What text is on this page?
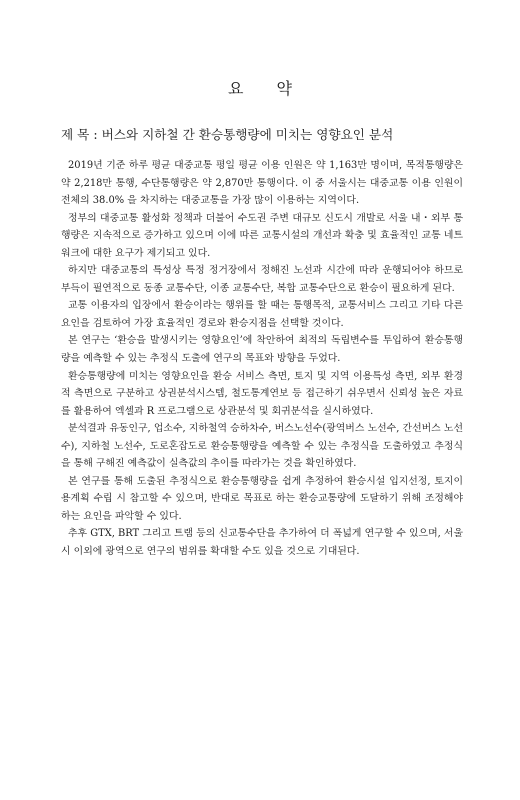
요 약
제 목 : 버스와 지하철 간 환승통행량에 미치는 영향요인 분석

2019년 기준 하루 평균 대중교통 평일 평균 이용 인원은 약 1,163만 명이며, 목적통행량은 약 2,218만 통행, 수단통행량은 약 2,870만 통행이다. 이 중 서울시는 대중교통 이용 인원이 전체의 38.0% 을 차지하는 대중교통을 가장 많이 이용하는 지역이다.

정부의 대중교통 활성화 정책과 더불어 수도권 주변 대규모 신도시 개발로 서울 내・외부 통행량은 지속적으로 증가하고 있으며 이에 따른 교통시설의 개선과 확충 및 효율적인 교통 네트워크에 대한 요구가 제기되고 있다.

하지만 대중교통의 특성상 특정 정거장에서 정해진 노선과 시간에 따라 운행되어야 하므로 부득이 필연적으로 동종 교통수단, 이종 교통수단, 복합 교통수단으로 환승이 필요하게 된다.

교통 이용자의 입장에서 환승이라는 행위를 할 때는 통행목적, 교통서비스 그리고 기타 다른 요인을 검토하여 가장 효율적인 경로와 환승지점을 선택할 것이다.

본 연구는 ‘환승을 발생시키는 영향요인’에 착안하여 최적의 독립변수를 투입하여 환승통행량을 예측할 수 있는 추정식 도출에 연구의 목표와 방향을 두었다.

환승통행량에 미치는 영향요인을 환승 서비스 측면, 토지 및 지역 이용특성 측면, 외부 환경적 측면으로 구분하고 상권분석시스템, 철도통계연보 등 접근하기 쉬우면서 신뢰성 높은 자료를 활용하여 엑셀과 R 프로그램으로 상관분석 및 회귀분석을 실시하였다.

분석결과 유동인구, 업소수, 지하철역 승하차수, 버스노선수(광역버스 노선수, 간선버스 노선수), 지하철 노선수, 도로혼잡도로 환승통행량을 예측할 수 있는 추정식을 도출하였고 추정식을 통해 구해진 예측값이 실측값의 추이를 따라가는 것을 확인하였다.

본 연구를 통해 도출된 추정식으로 환승통행량을 쉽게 추정하여 환승시설 입지선정, 토지이용계획 수립 시 참고할 수 있으며, 반대로 목표로 하는 환승교통량에 도달하기 위해 조정해야 하는 요인을 파악할 수 있다.

추후 GTX, BRT 그리고 트램 등의 신교통수단을 추가하여 더 폭넓게 연구할 수 있으며, 서울시 이외에 광역으로 연구의 범위를 확대할 수도 있을 것으로 기대된다.
